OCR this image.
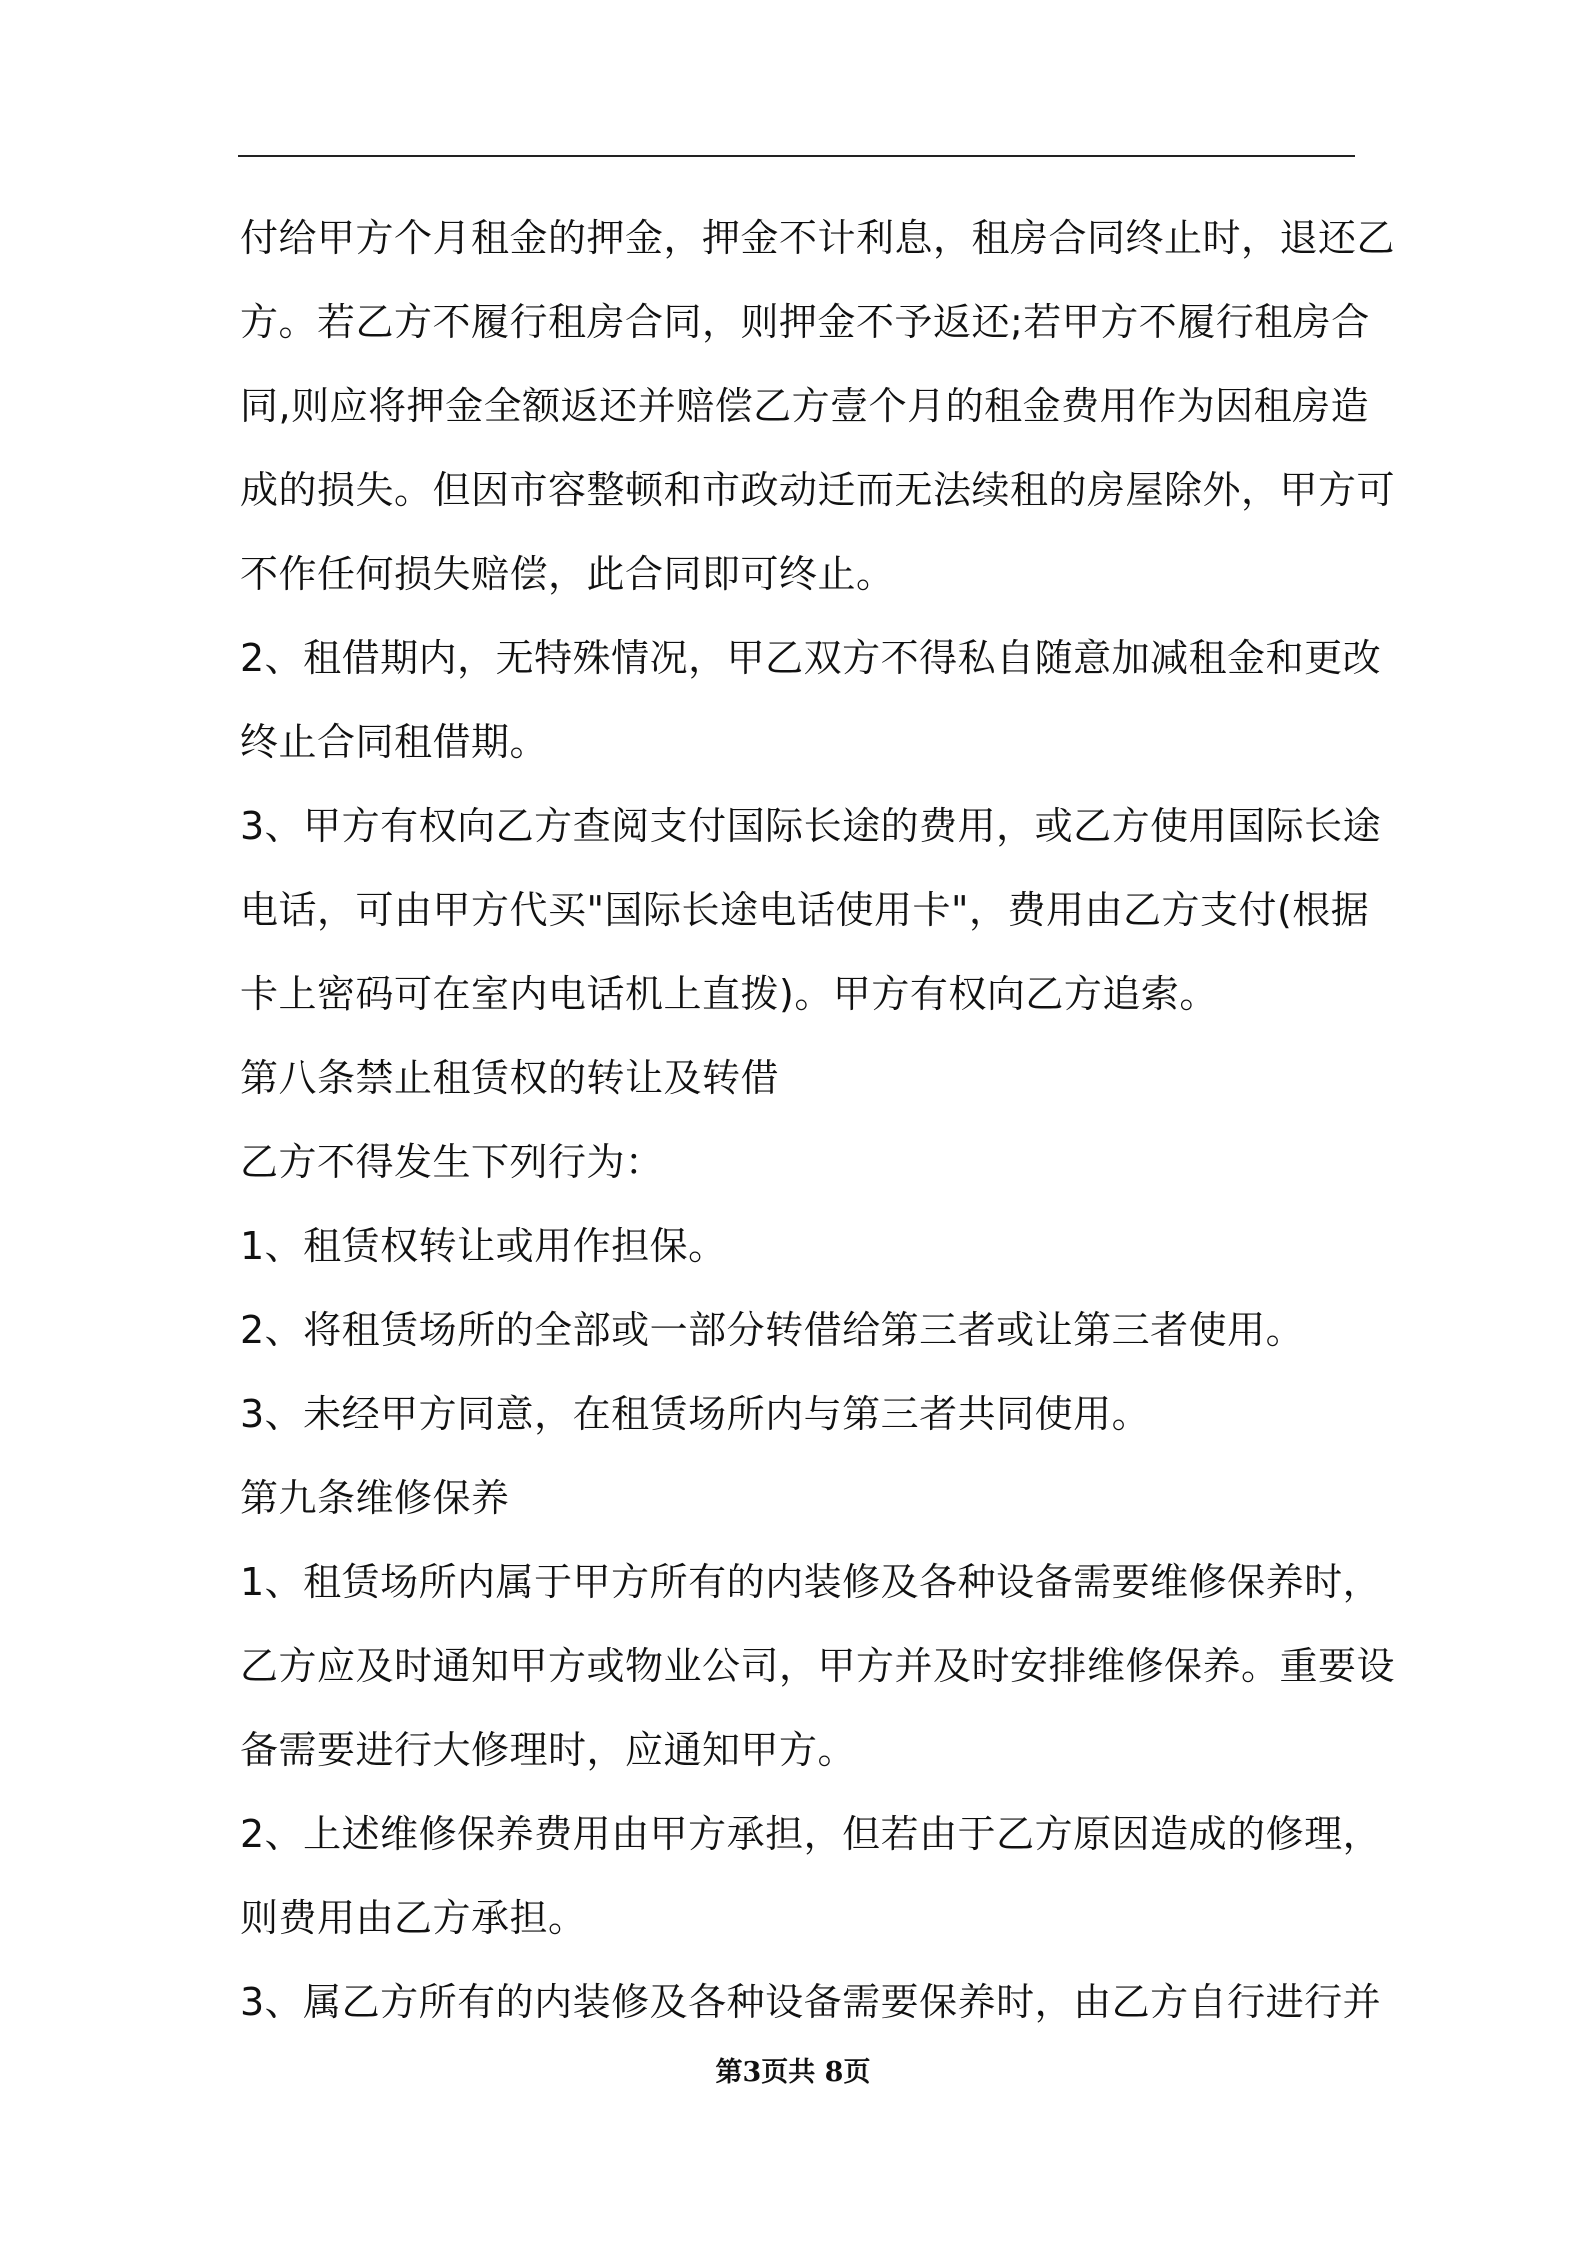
付给甲方个月租金的押金，押金不计利息，租房合同终止时，退还乙
方。若乙方不履行租房合同，则押金不予返还;若甲方不履行租房合
同,则应将押金全额返还并赔偿乙方壹个月的租金费用作为因租房造
成的损失。但因市容整顿和市政动迁而无法续租的房屋除外，甲方可
不作任何损失赔偿，此合同即可终止。
2、租借期内，无特殊情况，甲乙双方不得私自随意加减租金和更改
终止合同租借期。
3、甲方有权向乙方查阅支付国际长途的费用，或乙方使用国际长途
电话，可由甲方代买"国际长途电话使用卡"，费用由乙方支付(根据
卡上密码可在室内电话机上直拨)。甲方有权向乙方追索。
第八条禁止租赁权的转让及转借
乙方不得发生下列行为：
1、租赁权转让或用作担保。
2、将租赁场所的全部或一部分转借给第三者或让第三者使用。
3、未经甲方同意，在租赁场所内与第三者共同使用。
第九条维修保养
1、租赁场所内属于甲方所有的内装修及各种设备需要维修保养时，
乙方应及时通知甲方或物业公司，甲方并及时安排维修保养。重要设
备需要进行大修理时，应通知甲方。
2、上述维修保养费用由甲方承担，但若由于乙方原因造成的修理，
则费用由乙方承担。
3、属乙方所有的内装修及各种设备需要保养时，由乙方自行进行并
第3页共 8页
